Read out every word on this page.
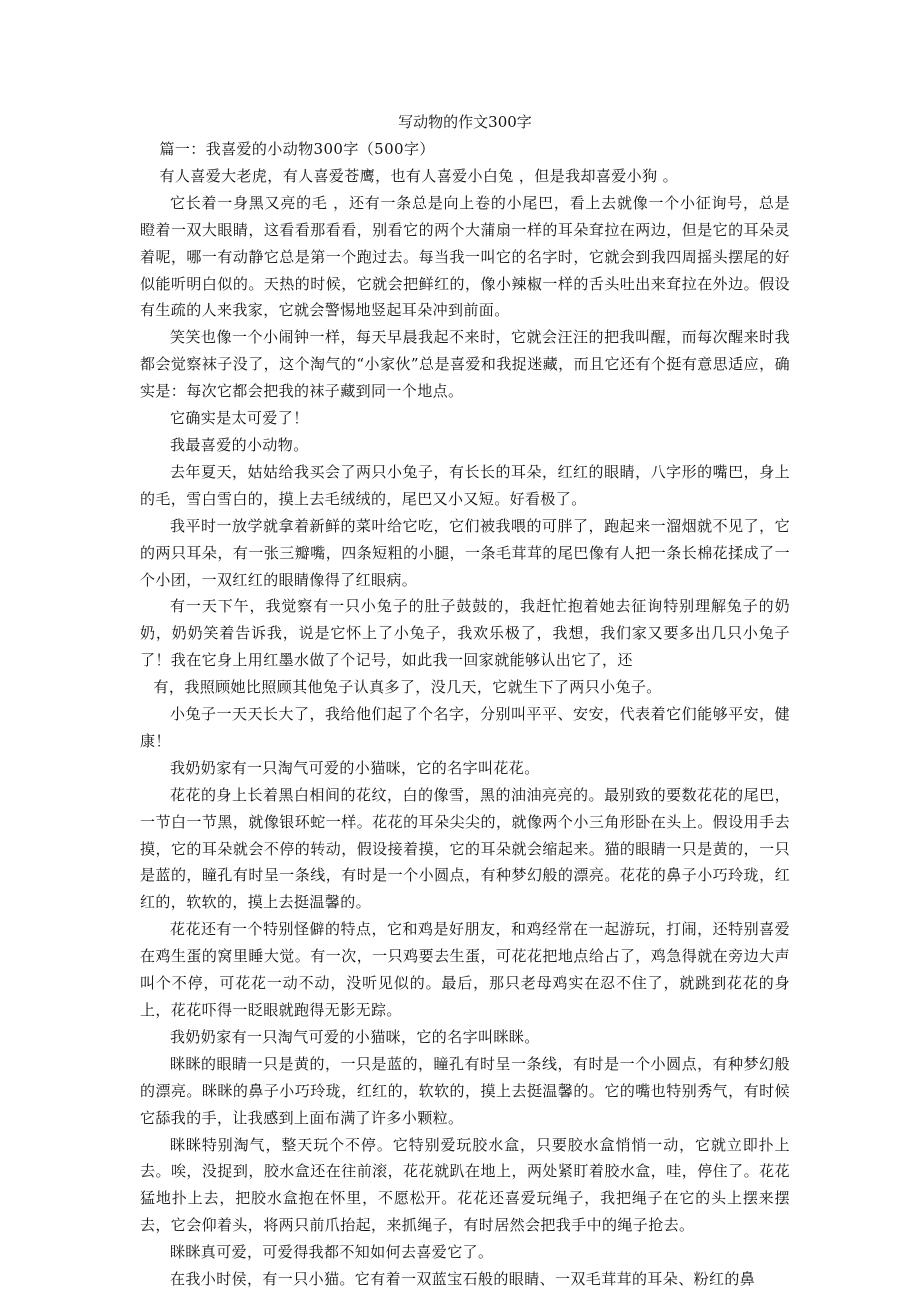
写动物的作文300字

篇一：我喜爱的小动物300字（500字）

有人喜爱大老虎，有人喜爱苍鹰，也有人喜爱小白兔 ，但是我却喜爱小狗 。

它长着一身黑又亮的毛 ，还有一条总是向上卷的小尾巴，看上去就像一个小征询号，总是瞪着一双大眼睛，这看看那看看，别看它的两个大蒲扇一样的耳朵耷拉在两边，但是它的耳朵灵着呢，哪一有动静它总是第一个跑过去。每当我一叫它的名字时，它就会到我四周摇头摆尾的好似能听明白似的。天热的时候，它就会把鲜红的，像小辣椒一样的舌头吐出来耷拉在外边。假设有生疏的人来我家，它就会警惕地竖起耳朵冲到前面。

笑笑也像一个小闹钟一样，每天早晨我起不来时，它就会汪汪的把我叫醒，而每次醒来时我都会觉察袜子没了，这个淘气的“小家伙”总是喜爱和我捉迷藏，而且它还有个挺有意思适应，确实是：每次它都会把我的袜子藏到同一个地点。

它确实是太可爱了！

我最喜爱的小动物。

去年夏天，姑姑给我买会了两只小兔子，有长长的耳朵，红红的眼睛，八字形的嘴巴，身上的毛，雪白雪白的，摸上去毛绒绒的，尾巴又小又短。好看极了。

我平时一放学就拿着新鲜的菜叶给它吃，它们被我喂的可胖了，跑起来一溜烟就不见了，它的两只耳朵，有一张三瓣嘴，四条短粗的小腿，一条毛茸茸的尾巴像有人把一条长棉花揉成了一个小团，一双红红的眼睛像得了红眼病。

有一天下午，我觉察有一只小兔子的肚子鼓鼓的，我赶忙抱着她去征询特别理解兔子的奶奶，奶奶笑着告诉我，说是它怀上了小兔子，我欢乐极了，我想，我们家又要多出几只小兔子了！我在它身上用红墨水做了个记号，如此我一回家就能够认出它了，还

有，我照顾她比照顾其他兔子认真多了，没几天，它就生下了两只小兔子。

小兔子一天天长大了，我给他们起了个名字，分别叫平平、安安，代表着它们能够平安，健康！

我奶奶家有一只淘气可爱的小猫咪，它的名字叫花花。

花花的身上长着黑白相间的花纹，白的像雪，黑的油油亮亮的。最别致的要数花花的尾巴，一节白一节黑，就像银环蛇一样。花花的耳朵尖尖的，就像两个小三角形卧在头上。假设用手去摸，它的耳朵就会不停的转动，假设接着摸，它的耳朵就会缩起来。猫的眼睛一只是黄的，一只是蓝的，瞳孔有时呈一条线，有时是一个小圆点，有种梦幻般的漂亮。花花的鼻子小巧玲珑，红红的，软软的，摸上去挺温馨的。

花花还有一个特别怪僻的特点，它和鸡是好朋友，和鸡经常在一起游玩，打闹，还特别喜爱在鸡生蛋的窝里睡大觉。有一次，一只鸡要去生蛋，可花花把地点给占了，鸡急得就在旁边大声叫个不停，可花花一动不动，没听见似的。最后，那只老母鸡实在忍不住了，就跳到花花的身上，花花吓得一眨眼就跑得无影无踪。

我奶奶家有一只淘气可爱的小猫咪，它的名字叫眯眯。

眯眯的眼睛一只是黄的，一只是蓝的，瞳孔有时呈一条线，有时是一个小圆点，有种梦幻般的漂亮。眯眯的鼻子小巧玲珑，红红的，软软的，摸上去挺温馨的。它的嘴也特别秀气，有时候它舔我的手，让我感到上面布满了许多小颗粒。

眯眯特别淘气，整天玩个不停。它特别爱玩胶水盒，只要胶水盒悄悄一动，它就立即扑上去。唉，没捉到，胶水盒还在往前滚，花花就趴在地上，两处紧盯着胶水盒，哇，停住了。花花猛地扑上去，把胶水盒抱在怀里，不愿松开。花花还喜爱玩绳子，我把绳子在它的头上摆来摆去，它会仰着头，将两只前爪抬起，来抓绳子，有时居然会把我手中的绳子抢去。

眯眯真可爱，可爱得我都不知如何去喜爱它了。

在我小时侯，有一只小猫。它有着一双蓝宝石般的眼睛、一双毛茸茸的耳朵、粉红的鼻
